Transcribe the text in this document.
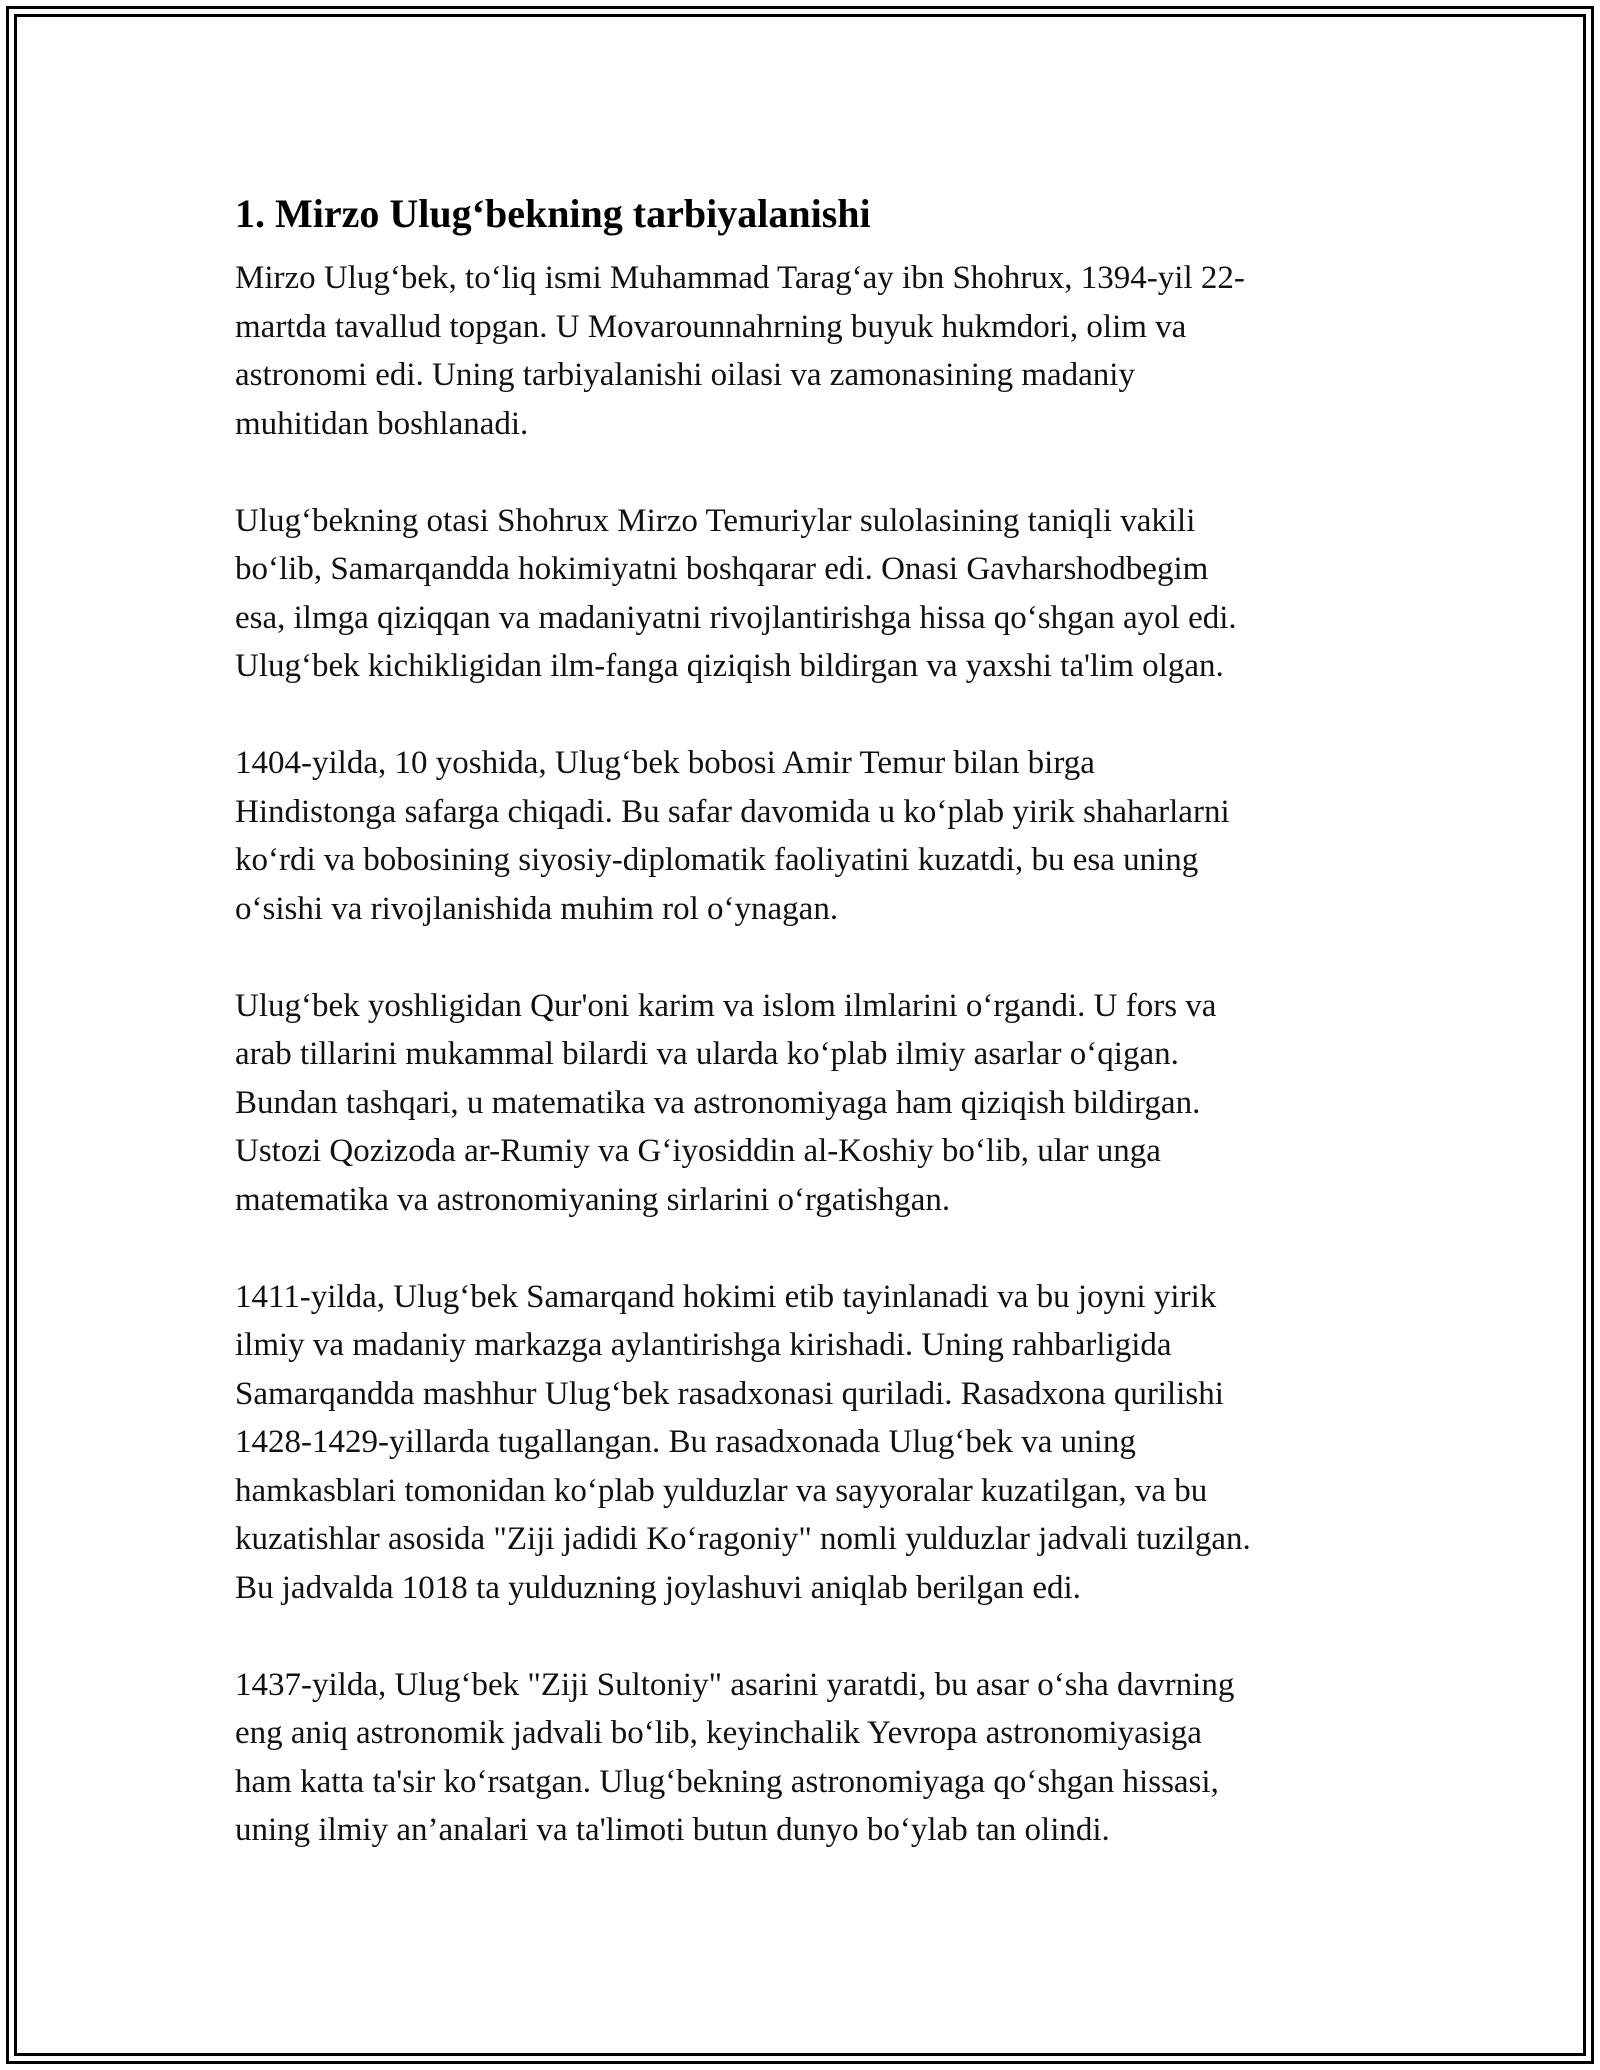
1. Mirzo Ulug‘bekning tarbiyalanishi
Mirzo Ulug‘bek, to‘liq ismi Muhammad Tarag‘ay ibn Shohrux, 1394-yil 22-
martda tavallud topgan. U Movarounnahrning buyuk hukmdori, olim va
astronomi edi. Uning tarbiyalanishi oilasi va zamonasining madaniy
muhitidan boshlanadi.
Ulug‘bekning otasi Shohrux Mirzo Temuriylar sulolasining taniqli vakili
bo‘lib, Samarqandda hokimiyatni boshqarar edi. Onasi Gavharshodbegim
esa, ilmga qiziqqan va madaniyatni rivojlantirishga hissa qo‘shgan ayol edi.
Ulug‘bek kichikligidan ilm-fanga qiziqish bildirgan va yaxshi ta'lim olgan.
1404-yilda, 10 yoshida, Ulug‘bek bobosi Amir Temur bilan birga
Hindistonga safarga chiqadi. Bu safar davomida u ko‘plab yirik shaharlarni
ko‘rdi va bobosining siyosiy-diplomatik faoliyatini kuzatdi, bu esa uning
o‘sishi va rivojlanishida muhim rol o‘ynagan.
Ulug‘bek yoshligidan Qur'oni karim va islom ilmlarini o‘rgandi. U fors va
arab tillarini mukammal bilardi va ularda ko‘plab ilmiy asarlar o‘qigan.
Bundan tashqari, u matematika va astronomiyaga ham qiziqish bildirgan.
Ustozi Qozizoda ar-Rumiy va G‘iyosiddin al-Koshiy bo‘lib, ular unga
matematika va astronomiyaning sirlarini o‘rgatishgan.
1411-yilda, Ulug‘bek Samarqand hokimi etib tayinlanadi va bu joyni yirik
ilmiy va madaniy markazga aylantirishga kirishadi. Uning rahbarligida
Samarqandda mashhur Ulug‘bek rasadxonasi quriladi. Rasadxona qurilishi
1428-1429-yillarda tugallangan. Bu rasadxonada Ulug‘bek va uning
hamkasblari tomonidan ko‘plab yulduzlar va sayyoralar kuzatilgan, va bu
kuzatishlar asosida "Ziji jadidi Ko‘ragoniy" nomli yulduzlar jadvali tuzilgan.
Bu jadvalda 1018 ta yulduzning joylashuvi aniqlab berilgan edi.
1437-yilda, Ulug‘bek "Ziji Sultoniy" asarini yaratdi, bu asar o‘sha davrning
eng aniq astronomik jadvali bo‘lib, keyinchalik Yevropa astronomiyasiga
ham katta ta'sir ko‘rsatgan. Ulug‘bekning astronomiyaga qo‘shgan hissasi,
uning ilmiy an’analari va ta'limoti butun dunyo bo‘ylab tan olindi.
